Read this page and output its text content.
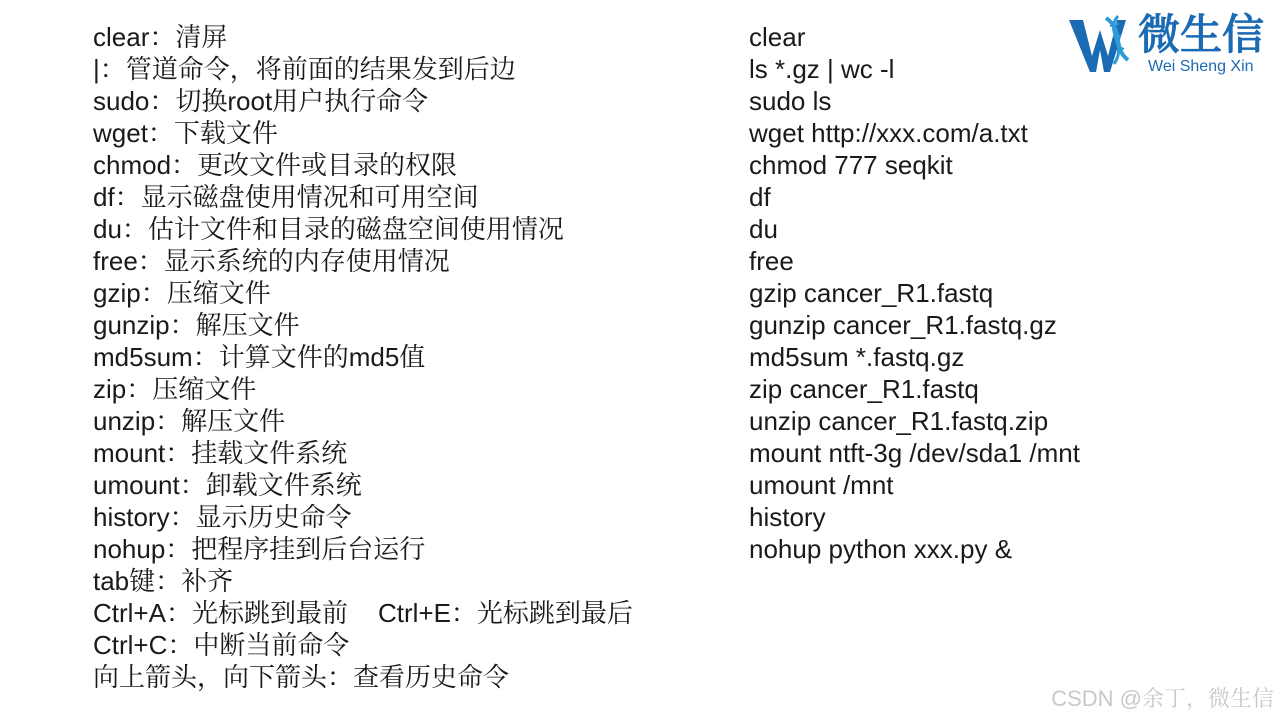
clear：清屏
|：管道命令，将前面的结果发到后边
sudo：切换root用户执行命令
wget：下载文件
chmod：更改文件或目录的权限
df：显示磁盘使用情况和可用空间
du：估计文件和目录的磁盘空间使用情况
free：显示系统的内存使用情况
gzip：压缩文件
gunzip：解压文件
md5sum：计算文件的md5值
zip：压缩文件
unzip：解压文件
mount：挂载文件系统
umount：卸载文件系统
history：显示历史命令
nohup：把程序挂到后台运行
tab键：补齐
Ctrl+A：光标跳到最前 Ctrl+E：光标跳到最后
Ctrl+C：中断当前命令
向上箭头，向下箭头：查看历史命令
clear
ls *.gz | wc -l
sudo ls
wget http://xxx.com/a.txt
chmod 777 seqkit
df
du
free
gzip cancer_R1.fastq
gunzip cancer_R1.fastq.gz
md5sum *.fastq.gz
zip cancer_R1.fastq
unzip cancer_R1.fastq.zip
mount ntft-3g /dev/sda1 /mnt
umount /mnt
history
nohup python xxx.py &
微生信
Wei Sheng Xin
CSDN @余丁，微生信
